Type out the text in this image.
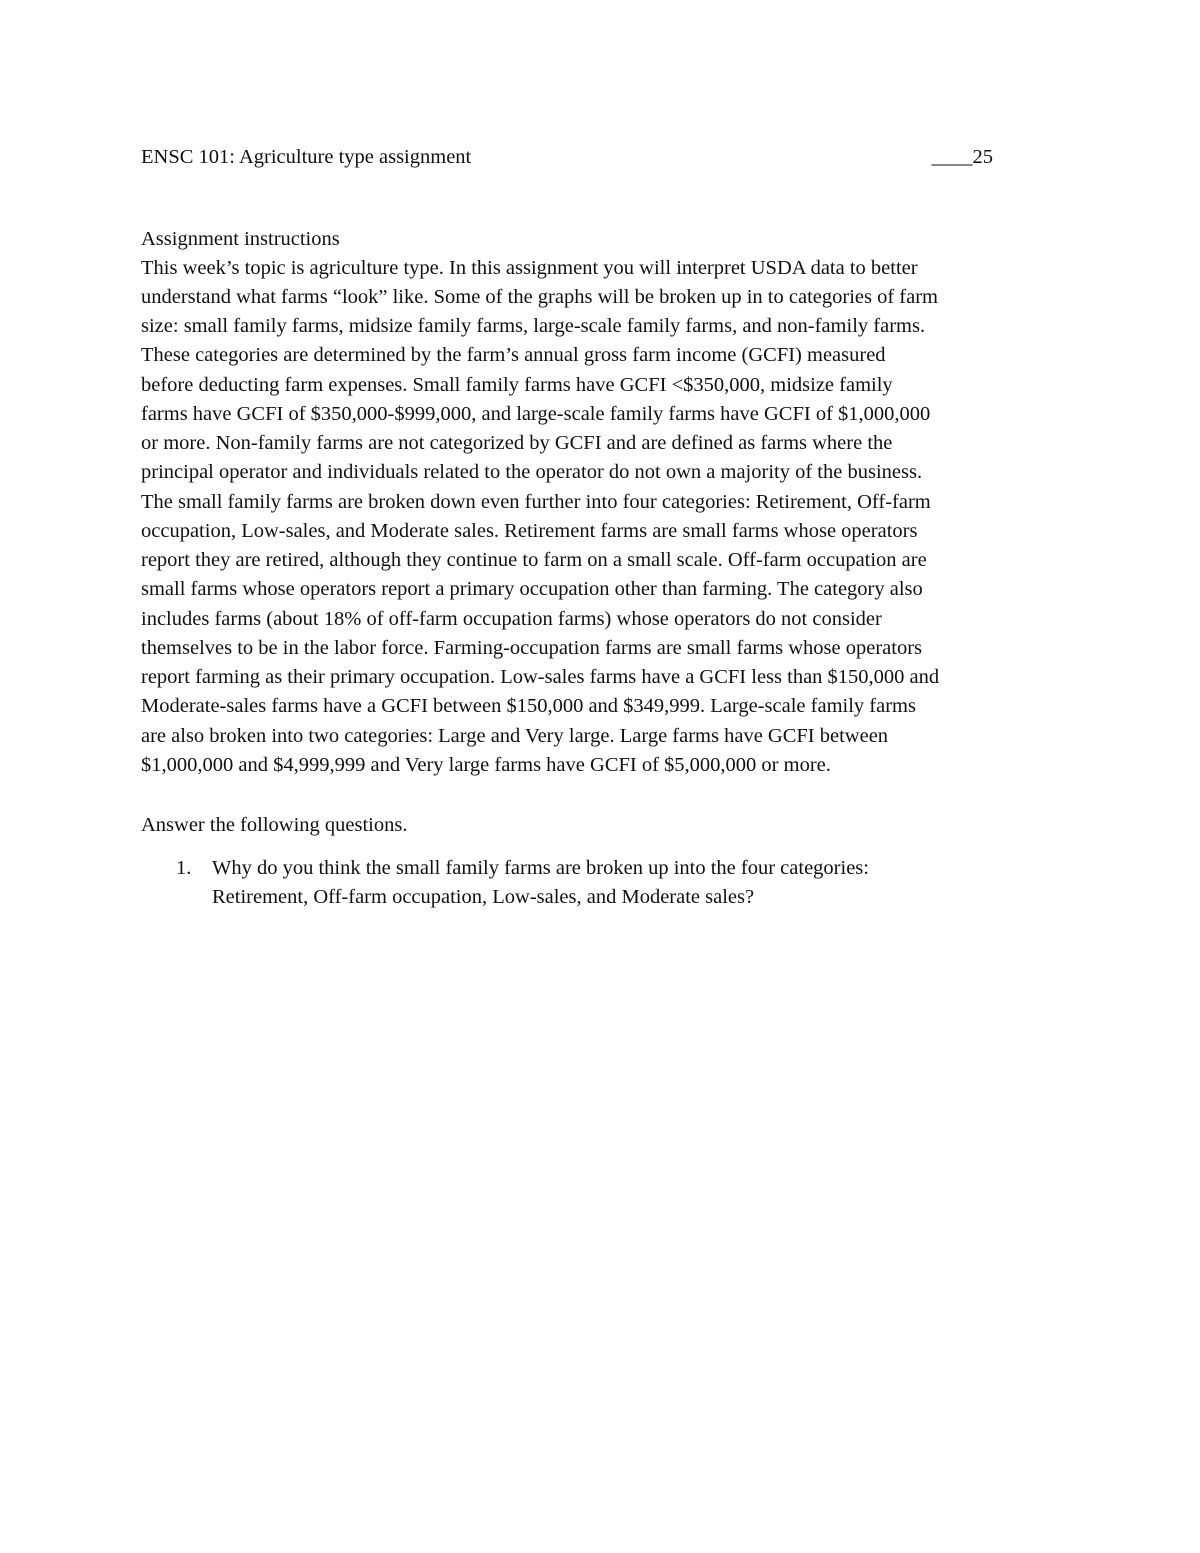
ENSC 101: Agriculture type assignment	____25
Assignment instructions
This week’s topic is agriculture type. In this assignment you will interpret USDA data to better
understand what farms “look” like. Some of the graphs will be broken up in to categories of farm
size: small family farms, midsize family farms, large-scale family farms, and non-family farms.
These categories are determined by the farm’s annual gross farm income (GCFI) measured
before deducting farm expenses. Small family farms have GCFI <$350,000, midsize family
farms have GCFI of $350,000-$999,000, and large-scale family farms have GCFI of $1,000,000
or more. Non-family farms are not categorized by GCFI and are defined as farms where the
principal operator and individuals related to the operator do not own a majority of the business.
The small family farms are broken down even further into four categories: Retirement, Off-farm
occupation, Low-sales, and Moderate sales. Retirement farms are small farms whose operators
report they are retired, although they continue to farm on a small scale. Off-farm occupation are
small farms whose operators report a primary occupation other than farming. The category also
includes farms (about 18% of off-farm occupation farms) whose operators do not consider
themselves to be in the labor force. Farming-occupation farms are small farms whose operators
report farming as their primary occupation. Low-sales farms have a GCFI less than $150,000 and
Moderate-sales farms have a GCFI between $150,000 and $349,999. Large-scale family farms
are also broken into two categories: Large and Very large. Large farms have GCFI between
$1,000,000 and $4,999,999 and Very large farms have GCFI of $5,000,000 or more.
Answer the following questions.
1. Why do you think the small family farms are broken up into the four categories:
Retirement, Off-farm occupation, Low-sales, and Moderate sales?
